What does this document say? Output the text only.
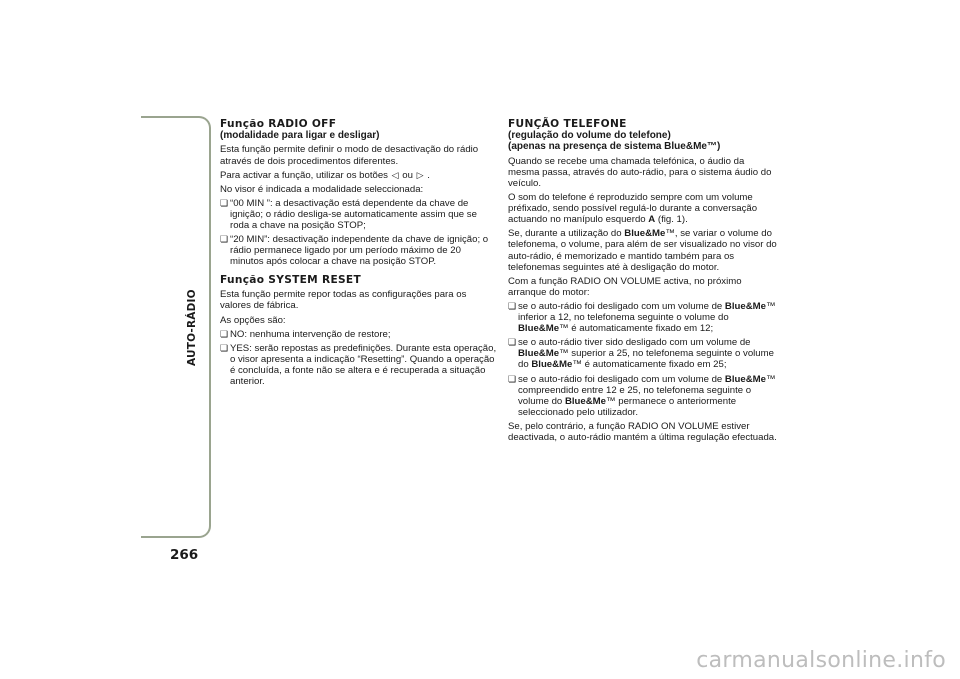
AUTO-RÁDIO
266
Função RADIO OFF
(modalidade para ligar e desligar)

Esta função permite definir o modo de desactivação do rádio através de dois procedimentos diferentes.

Para activar a função, utilizar os botões ◁ ou ▷ .

No visor é indicada a modalidade seleccionada:

❏ “00 MIN ”: a desactivação está dependente da chave de ignição; o rádio desliga-se automaticamente assim que se roda a chave na posição STOP;
❏ “20 MIN”: desactivação independente da chave de ignição; o rádio permanece ligado por um período máximo de 20 minutos após colocar a chave na posição STOP.
Função SYSTEM RESET

Esta função permite repor todas as configurações para os valores de fábrica.

As opções são:

❏ NO: nenhuma intervenção de restore;
❏ YES: serão repostas as predefinições. Durante esta operação, o visor apresenta a indicação “Resetting”. Quando a operação é concluída, a fonte não se altera e é recuperada a situação anterior.
FUNÇÃO TELEFONE
(regulação do volume do telefone)
(apenas na presença de sistema Blue&Me™)

Quando se recebe uma chamada telefónica, o áudio da mesma passa, através do auto-rádio, para o sistema áudio do veículo.

O som do telefone é reproduzido sempre com um volume préfixado, sendo possível regulá-lo durante a conversação actuando no manípulo esquerdo A (fig. 1).

Se, durante a utilização do Blue&Me™, se variar o volume do telefonema, o volume, para além de ser visualizado no visor do auto-rádio, é memorizado e mantido também para os telefonemas seguintes até à desligação do motor.

Com a função RADIO ON VOLUME activa, no próximo arranque do motor:

❏ se o auto-rádio foi desligado com um volume de Blue&Me™ inferior a 12, no telefonema seguinte o volume do Blue&Me™ é automaticamente fixado em 12;
❏ se o auto-rádio tiver sido desligado com um volume de Blue&Me™ superior a 25, no telefonema seguinte o volume do Blue&Me™ é automaticamente fixado em 25;
❏ se o auto-rádio foi desligado com um volume de Blue&Me™ compreendido entre 12 e 25, no telefonema seguinte o volume do Blue&Me™ permanece o anteriormente seleccionado pelo utilizador.

Se, pelo contrário, a função RADIO ON VOLUME estiver deactivada, o auto-rádio mantém a última regulação efectuada.

carmanualsonline.info
